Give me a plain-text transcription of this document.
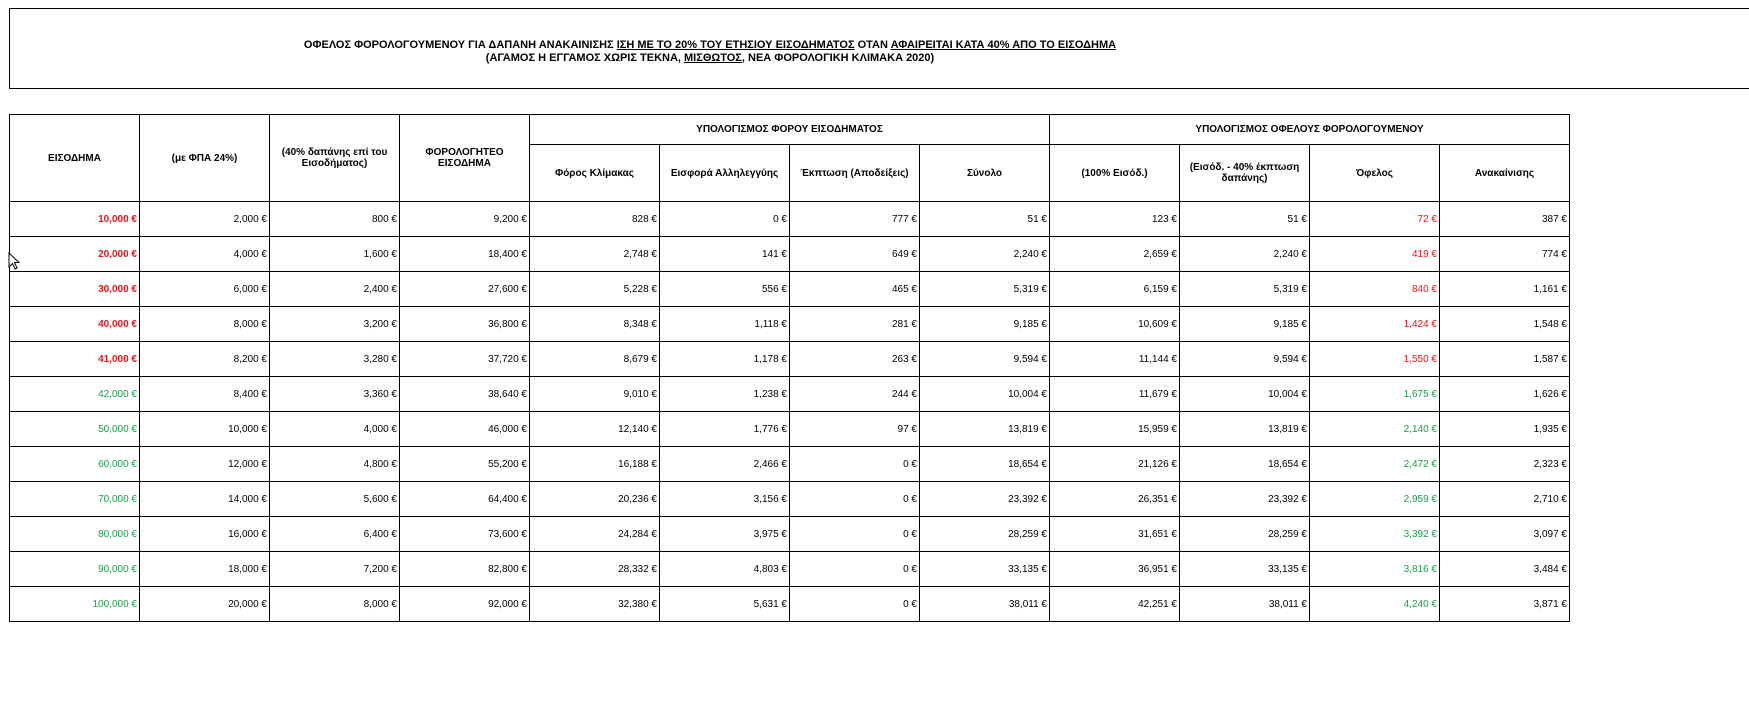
ΟΦΕΛΟΣ ΦΟΡΟΛΟΓΟΥΜΕΝΟΥ ΓΙΑ ΔΑΠΑΝΗ ΑΝΑΚΑΙΝΙΣΗΣ ΙΣΗ ΜΕ ΤΟ 20% ΤΟΥ ΕΤΗΣΙΟΥ ΕΙΣΟΔΗΜΑΤΟΣ ΟΤΑΝ ΑΦΑΙΡΕΙΤΑΙ ΚΑΤΑ 40% ΑΠΟ ΤΟ ΕΙΣΟΔΗΜΑ
(ΑΓΑΜΟΣ Η ΕΓΓΑΜΟΣ ΧΩΡΙΣ ΤΕΚΝΑ, ΜΙΣΘΩΤΟΣ, ΝΕΑ ΦΟΡΟΛΟΓΙΚΗ ΚΛΙΜΑΚΑ 2020)
ΕΙΣΟΔΗΜΑ	(με ΦΠΑ 24%)	(40% δαπάνης επί του Εισοδήματος)	ΦΟΡΟΛΟΓΗΤΕΟ ΕΙΣΟΔΗΜΑ	ΥΠΟΛΟΓΙΣΜΟΣ ΦΟΡΟΥ ΕΙΣΟΔΗΜΑΤΟΣ				ΥΠΟΛΟΓΙΣΜΟΣ ΟΦΕΛΟΥΣ ΦΟΡΟΛΟΓΟΥΜΕΝΟΥ			
				Φόρος Κλίμακας	Εισφορά Αλληλεγγύης	Έκπτωση (Αποδείξεις)	Σύνολο	(100% Εισόδ.)	(Εισόδ. - 40% έκπτωση δαπάνης)	Όφελος	Ανακαίνισης
10,000 €	2,000 €	800 €	9,200 €	828 €	0 €	777 €	51 €	123 €	51 €	72 €	387 €
20,000 €	4,000 €	1,600 €	18,400 €	2,748 €	141 €	649 €	2,240 €	2,659 €	2,240 €	419 €	774 €
30,000 €	6,000 €	2,400 €	27,600 €	5,228 €	556 €	465 €	5,319 €	6,159 €	5,319 €	840 €	1,161 €
40,000 €	8,000 €	3,200 €	36,800 €	8,348 €	1,118 €	281 €	9,185 €	10,609 €	9,185 €	1,424 €	1,548 €
41,000 €	8,200 €	3,280 €	37,720 €	8,679 €	1,178 €	263 €	9,594 €	11,144 €	9,594 €	1,550 €	1,587 €
42,000 €	8,400 €	3,360 €	38,640 €	9,010 €	1,238 €	244 €	10,004 €	11,679 €	10,004 €	1,675 €	1,626 €
50,000 €	10,000 €	4,000 €	46,000 €	12,140 €	1,776 €	97 €	13,819 €	15,959 €	13,819 €	2,140 €	1,935 €
60,000 €	12,000 €	4,800 €	55,200 €	16,188 €	2,466 €	0 €	18,654 €	21,126 €	18,654 €	2,472 €	2,323 €
70,000 €	14,000 €	5,600 €	64,400 €	20,236 €	3,156 €	0 €	23,392 €	26,351 €	23,392 €	2,959 €	2,710 €
80,000 €	16,000 €	6,400 €	73,600 €	24,284 €	3,975 €	0 €	28,259 €	31,651 €	28,259 €	3,392 €	3,097 €
90,000 €	18,000 €	7,200 €	82,800 €	28,332 €	4,803 €	0 €	33,135 €	36,951 €	33,135 €	3,816 €	3,484 €
100,000 €	20,000 €	8,000 €	92,000 €	32,380 €	5,631 €	0 €	38,011 €	42,251 €	38,011 €	4,240 €	3,871 €
